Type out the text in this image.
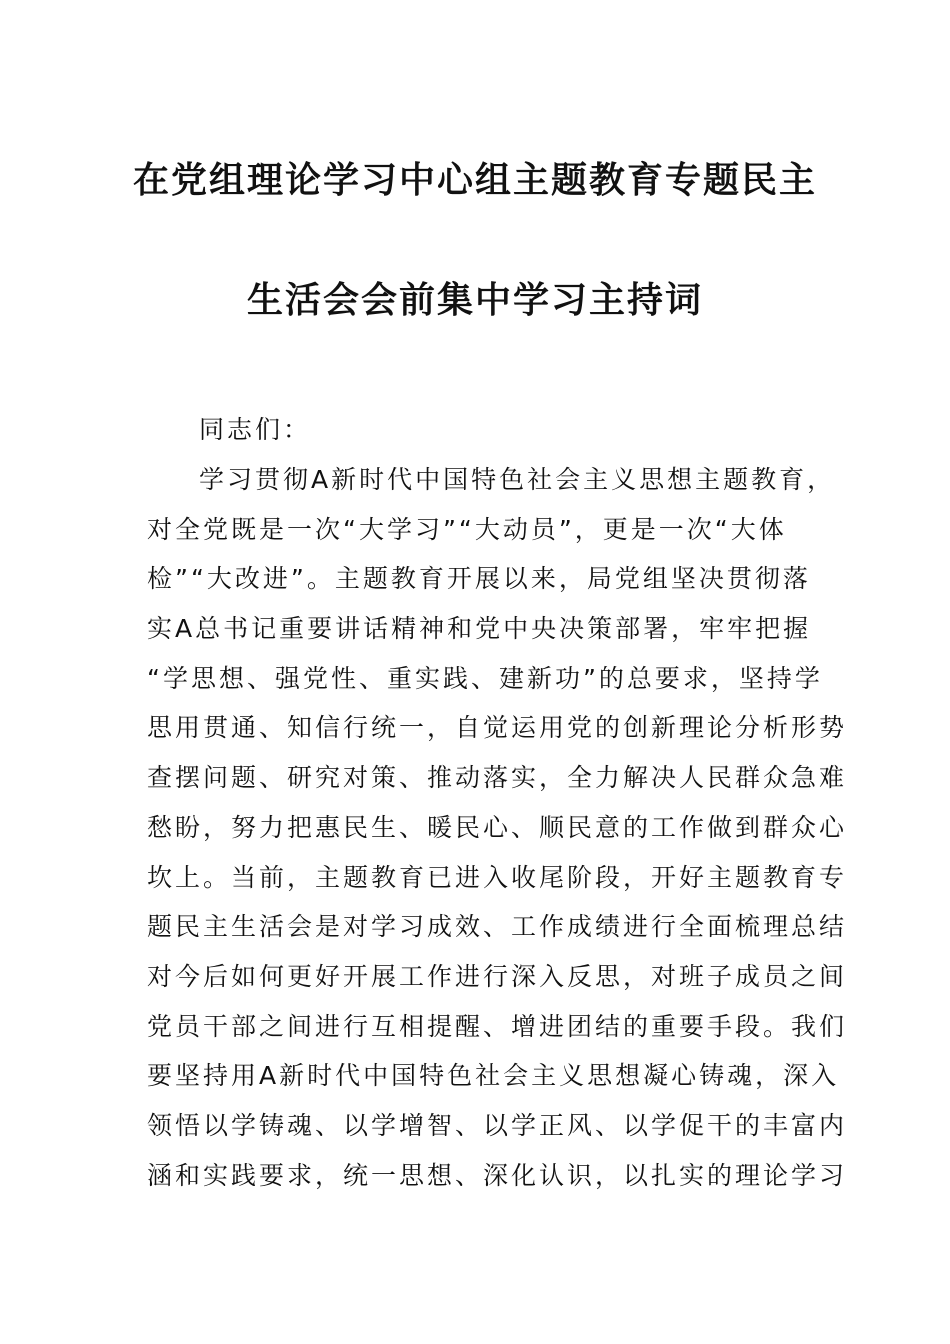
在党组理论学习中心组主题教育专题民主
生活会会前集中学习主持词
同志们：
学习贯彻A新时代中国特色社会主义思想主题教育，
对全党既是一次“大学习”“大动员”，更是一次“大体
检”“大改进”。主题教育开展以来，局党组坚决贯彻落
实A总书记重要讲话精神和党中央决策部署，牢牢把握
“学思想、强党性、重实践、建新功”的总要求，坚持学
思用贯通、知信行统一，自觉运用党的创新理论分析形势
查摆问题、研究对策、推动落实，全力解决人民群众急难
愁盼，努力把惠民生、暖民心、顺民意的工作做到群众心
坎上。当前，主题教育已进入收尾阶段，开好主题教育专
题民主生活会是对学习成效、工作成绩进行全面梳理总结
对今后如何更好开展工作进行深入反思，对班子成员之间
党员干部之间进行互相提醒、增进团结的重要手段。我们
要坚持用A新时代中国特色社会主义思想凝心铸魂，深入
领悟以学铸魂、以学增智、以学正风、以学促干的丰富内
涵和实践要求，统一思想、深化认识，以扎实的理论学习
